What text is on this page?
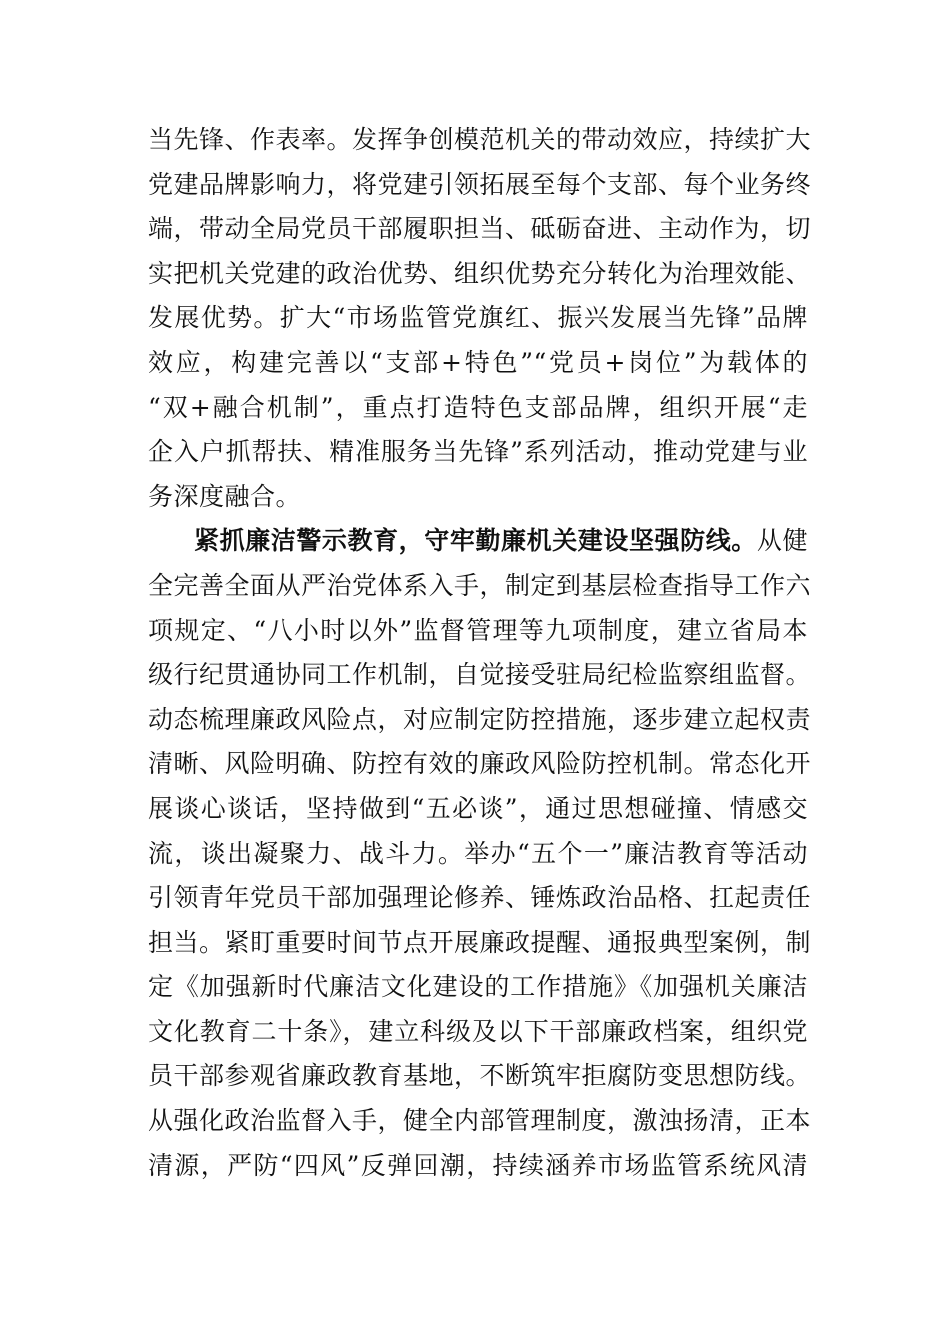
当先锋、作表率。发挥争创模范机关的带动效应，持续扩大
党建品牌影响力，将党建引领拓展至每个支部、每个业务终
端，带动全局党员干部履职担当、砥砺奋进、主动作为，切
实把机关党建的政治优势、组织优势充分转化为治理效能、
发展优势。扩大“市场监管党旗红、振兴发展当先锋”品牌
效应，构建完善以“支部+特色”“党员+岗位”为载体的
“双+融合机制”，重点打造特色支部品牌，组织开展“走
企入户抓帮扶、精准服务当先锋”系列活动，推动党建与业
务深度融合。
紧抓廉洁警示教育，守牢勤廉机关建设坚强防线。从健
全完善全面从严治党体系入手，制定到基层检查指导工作六
项规定、“八小时以外”监督管理等九项制度，建立省局本
级行纪贯通协同工作机制，自觉接受驻局纪检监察组监督。
动态梳理廉政风险点，对应制定防控措施，逐步建立起权责
清晰、风险明确、防控有效的廉政风险防控机制。常态化开
展谈心谈话，坚持做到“五必谈”，通过思想碰撞、情感交
流，谈出凝聚力、战斗力。举办“五个一”廉洁教育等活动
引领青年党员干部加强理论修养、锤炼政治品格、扛起责任
担当。紧盯重要时间节点开展廉政提醒、通报典型案例，制
定《加强新时代廉洁文化建设的工作措施》《加强机关廉洁
文化教育二十条》，建立科级及以下干部廉政档案，组织党
员干部参观省廉政教育基地，不断筑牢拒腐防变思想防线。
从强化政治监督入手，健全内部管理制度，激浊扬清，正本
清源，严防“四风”反弹回潮，持续涵养市场监管系统风清
